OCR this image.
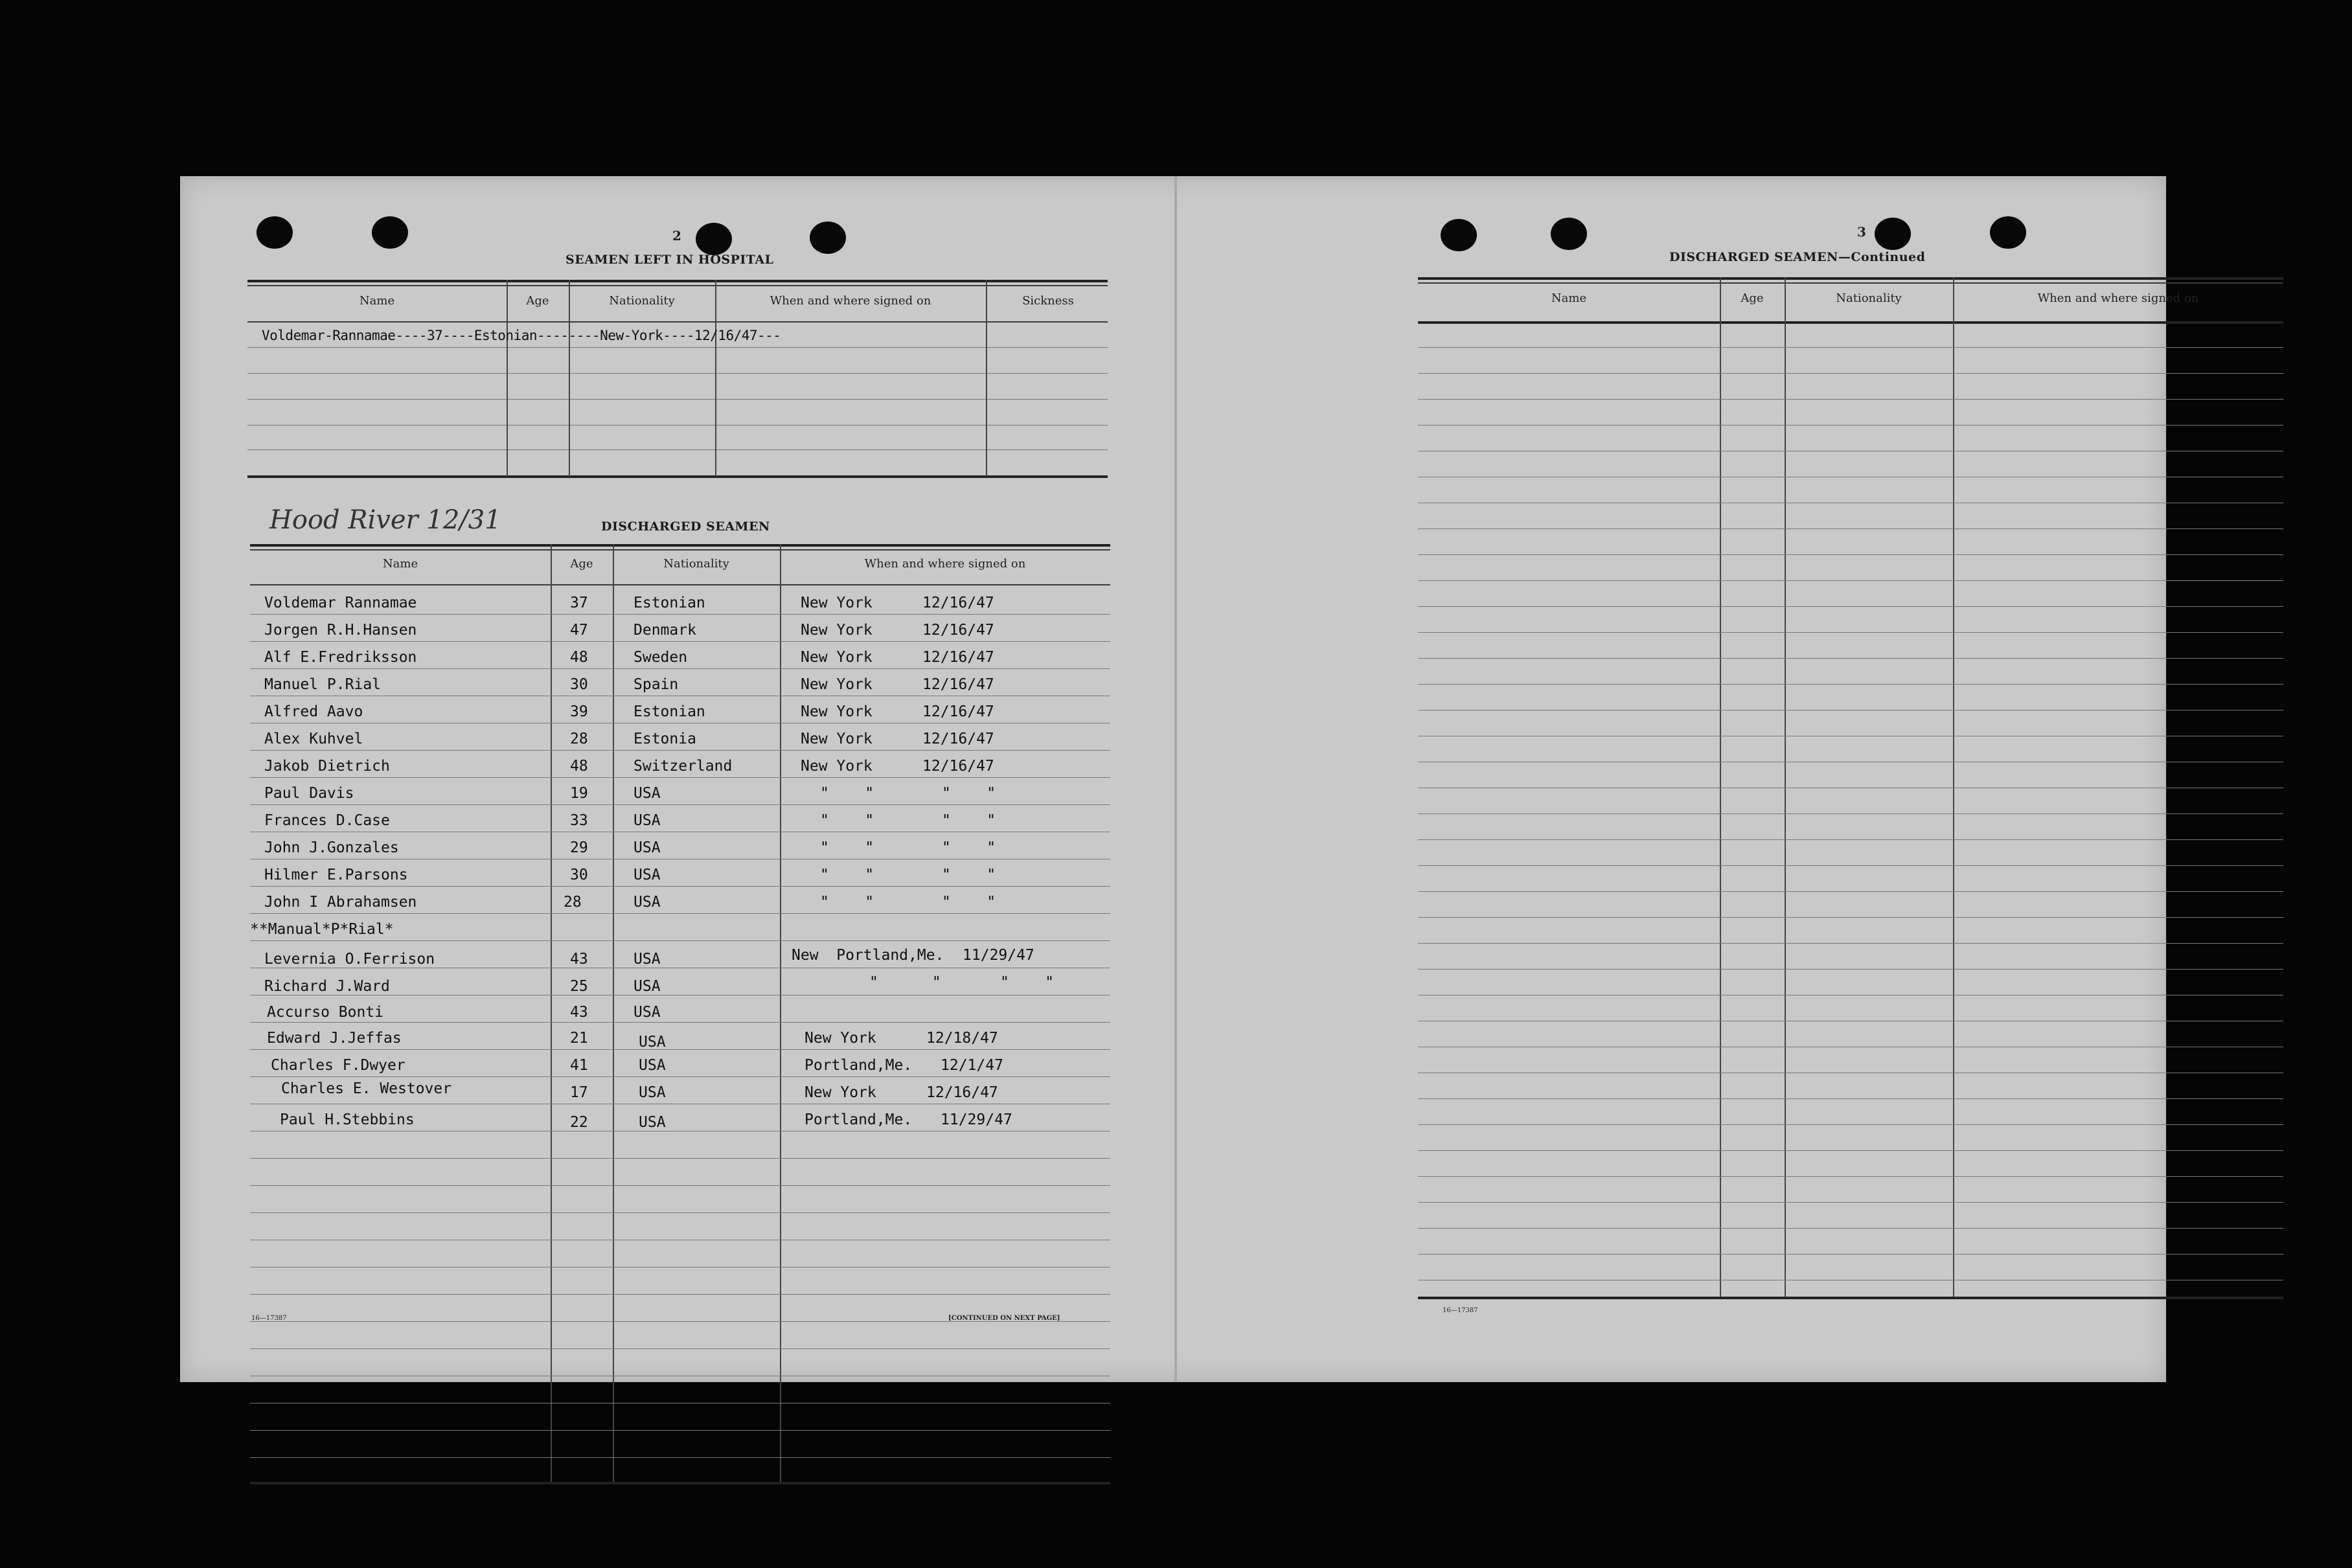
2
SEAMEN LEFT IN HOSPITAL
Name	Age	Nationality	When and where signed on	Sickness
Voldemar-Rannamae----37----Estonian--------New-York----12/16/47---
Hood River 12/31	DISCHARGED SEAMEN
Name	Age	Nationality	When and where signed on
Voldemar Rannamae	37	Estonian	New York	12/16/47
Jorgen R.H.Hansen	47	Denmark	New York	12/16/47
Alf E.Fredriksson	48	Sweden	New York	12/16/47
Manuel P.Rial	30	Spain	New York	12/16/47
Alfred Aavo	39	Estonian	New York	12/16/47
Alex Kuhvel	28	Estonia	New York	12/16/47
Jakob Dietrich	48	Switzerland	New York	12/16/47
Paul Davis	19	USA	"    "	"    "
Frances D.Case	33	USA	"    "	"    "
John J.Gonzales	29	USA	"    "	"    "
Hilmer E.Parsons	30	USA	"    "	"    "
John I Abrahamsen	28	USA	"    "	"    "
**Manual*P*Rial*
Levernia O.Ferrison	43	USA	New  Portland,Me. 11/29/47
Richard J.Ward	25	USA	"      "	"    "
Accurso Bonti	43	USA
Edward J.Jeffas	21	USA	New York	12/18/47
Charles F.Dwyer	41	USA	Portland,Me. 12/1/47
Charles E. Westover	17	USA	New York	12/16/47
Paul H.Stebbins	22	USA	Portland,Me. 11/29/47
16—17387	[CONTINUED ON NEXT PAGE]
3
DISCHARGED SEAMEN—Continued
Name	Age	Nationality	When and where signed on
16—17387
